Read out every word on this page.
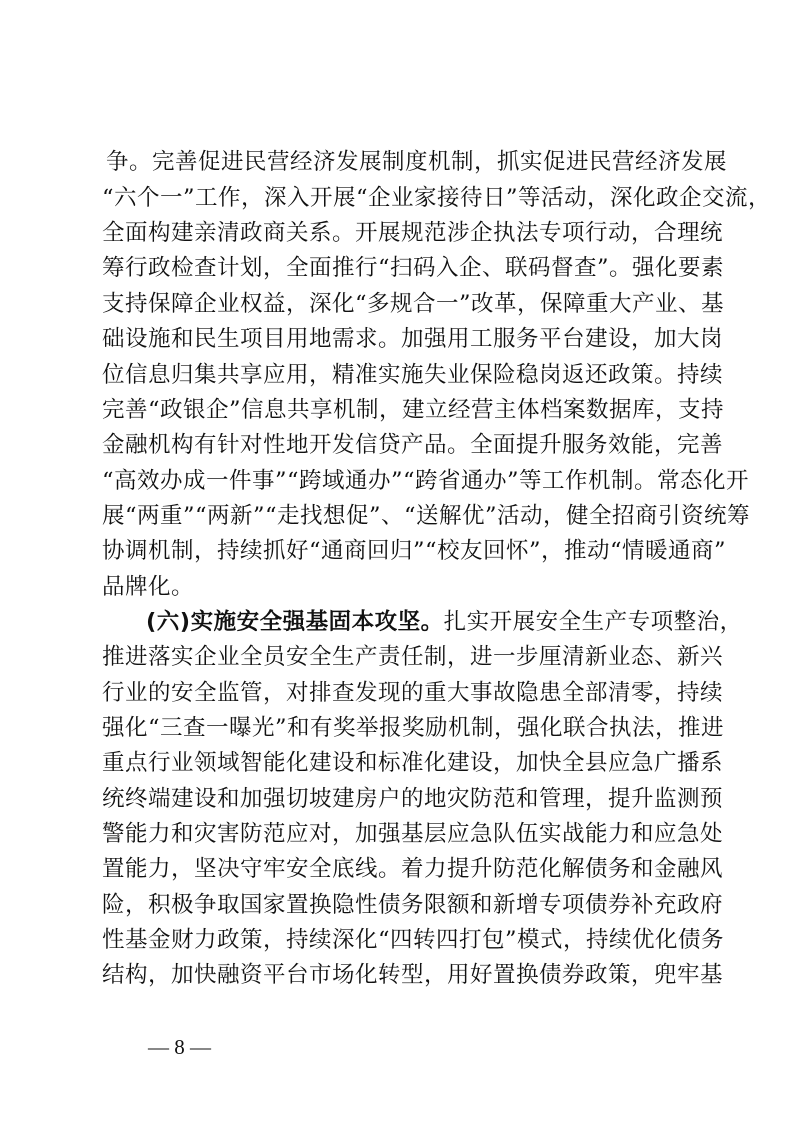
争。完善促进民营经济发展制度机制，抓实促进民营经济发展
“六个一”工作，深入开展“企业家接待日”等活动，深化政企交流，
全面构建亲清政商关系。开展规范涉企执法专项行动，合理统
筹行政检查计划，全面推行“扫码入企、联码督查”。强化要素
支持保障企业权益，深化“多规合一”改革，保障重大产业、基
础设施和民生项目用地需求。加强用工服务平台建设，加大岗
位信息归集共享应用，精准实施失业保险稳岗返还政策。持续
完善“政银企”信息共享机制，建立经营主体档案数据库，支持
金融机构有针对性地开发信贷产品。全面提升服务效能，完善
“高效办成一件事”“跨域通办”“跨省通办”等工作机制。常态化开
展“两重”“两新”“走找想促”、“送解优”活动，健全招商引资统筹
协调机制，持续抓好“通商回归”“校友回怀”，推动“情暖通商”
品牌化。
(六)实施安全强基固本攻坚。扎实开展安全生产专项整治，
推进落实企业全员安全生产责任制，进一步厘清新业态、新兴
行业的安全监管，对排查发现的重大事故隐患全部清零，持续
强化“三查一曝光”和有奖举报奖励机制，强化联合执法，推进
重点行业领域智能化建设和标准化建设，加快全县应急广播系
统终端建设和加强切坡建房户的地灾防范和管理，提升监测预
警能力和灾害防范应对，加强基层应急队伍实战能力和应急处
置能力，坚决守牢安全底线。着力提升防范化解债务和金融风
险，积极争取国家置换隐性债务限额和新增专项债券补充政府
性基金财力政策，持续深化“四转四打包”模式，持续优化债务
结构，加快融资平台市场化转型，用好置换债券政策，兜牢基
— 8 —
